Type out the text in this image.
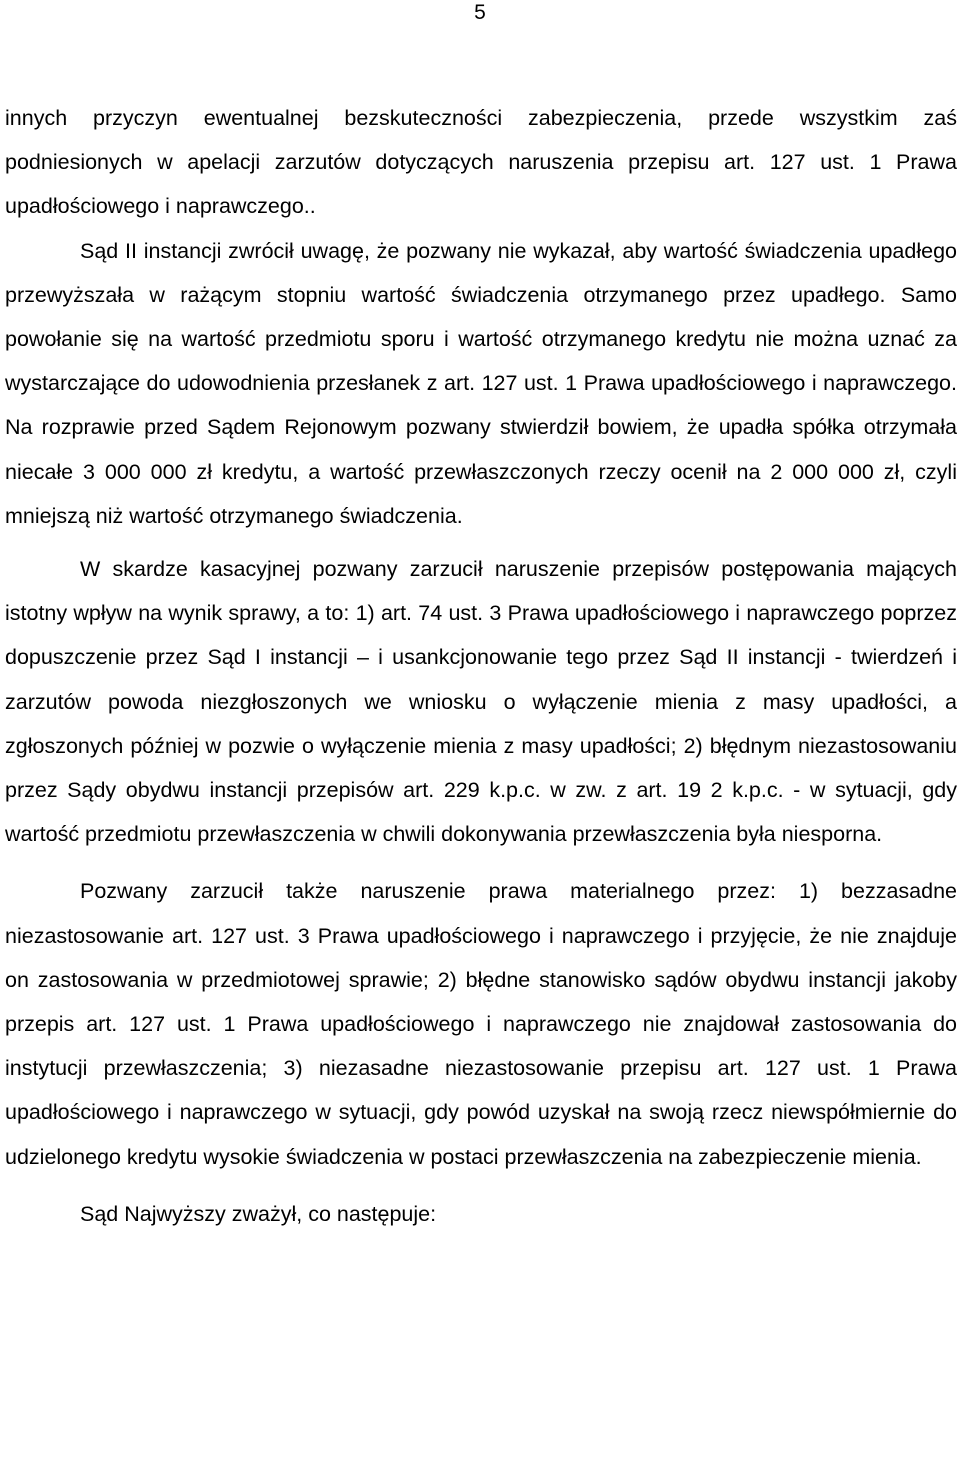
5

innych przyczyn ewentualnej bezskuteczności zabezpieczenia, przede wszystkim zaś podniesionych w apelacji zarzutów dotyczących naruszenia przepisu art. 127 ust. 1 Prawa upadłościowego i naprawczego..

Sąd II instancji zwrócił uwagę, że pozwany nie wykazał, aby wartość świadczenia upadłego przewyższała w rażącym stopniu wartość świadczenia otrzymanego przez upadłego. Samo powołanie się na wartość przedmiotu sporu i wartość otrzymanego kredytu nie można uznać za wystarczające do udowodnienia przesłanek z art. 127 ust. 1 Prawa upadłościowego i naprawczego. Na rozprawie przed Sądem Rejonowym pozwany stwierdził bowiem, że upadła spółka otrzymała niecałe 3 000 000 zł kredytu, a wartość przewłaszczonych rzeczy ocenił na 2 000 000 zł, czyli mniejszą niż wartość otrzymanego świadczenia.

W skardze kasacyjnej pozwany zarzucił naruszenie przepisów postępowania mających istotny wpływ na wynik sprawy, a to: 1) art. 74 ust. 3 Prawa upadłościowego i naprawczego poprzez dopuszczenie przez Sąd I instancji – i usankcjonowanie tego przez Sąd II instancji - twierdzeń i zarzutów powoda niezgłoszonych we wniosku o wyłączenie mienia z masy upadłości, a zgłoszonych później w pozwie o wyłączenie mienia z masy upadłości; 2) błędnym niezastosowaniu przez Sądy obydwu instancji przepisów art. 229 k.p.c. w zw. z art. 19 2 k.p.c. - w sytuacji, gdy wartość przedmiotu przewłaszczenia w chwili dokonywania przewłaszczenia była niesporna.

Pozwany zarzucił także naruszenie prawa materialnego przez: 1) bezzasadne niezastosowanie art. 127 ust. 3 Prawa upadłościowego i naprawczego i przyjęcie, że nie znajduje on zastosowania w przedmiotowej sprawie; 2) błędne stanowisko sądów obydwu instancji jakoby przepis art. 127 ust. 1 Prawa upadłościowego i naprawczego nie znajdował zastosowania do instytucji przewłaszczenia; 3) niezasadne niezastosowanie przepisu art. 127 ust. 1 Prawa upadłościowego i naprawczego w sytuacji, gdy powód uzyskał na swoją rzecz niewspółmiernie do udzielonego kredytu wysokie świadczenia w postaci przewłaszczenia na zabezpieczenie mienia.

Sąd Najwyższy zważył, co następuje:
